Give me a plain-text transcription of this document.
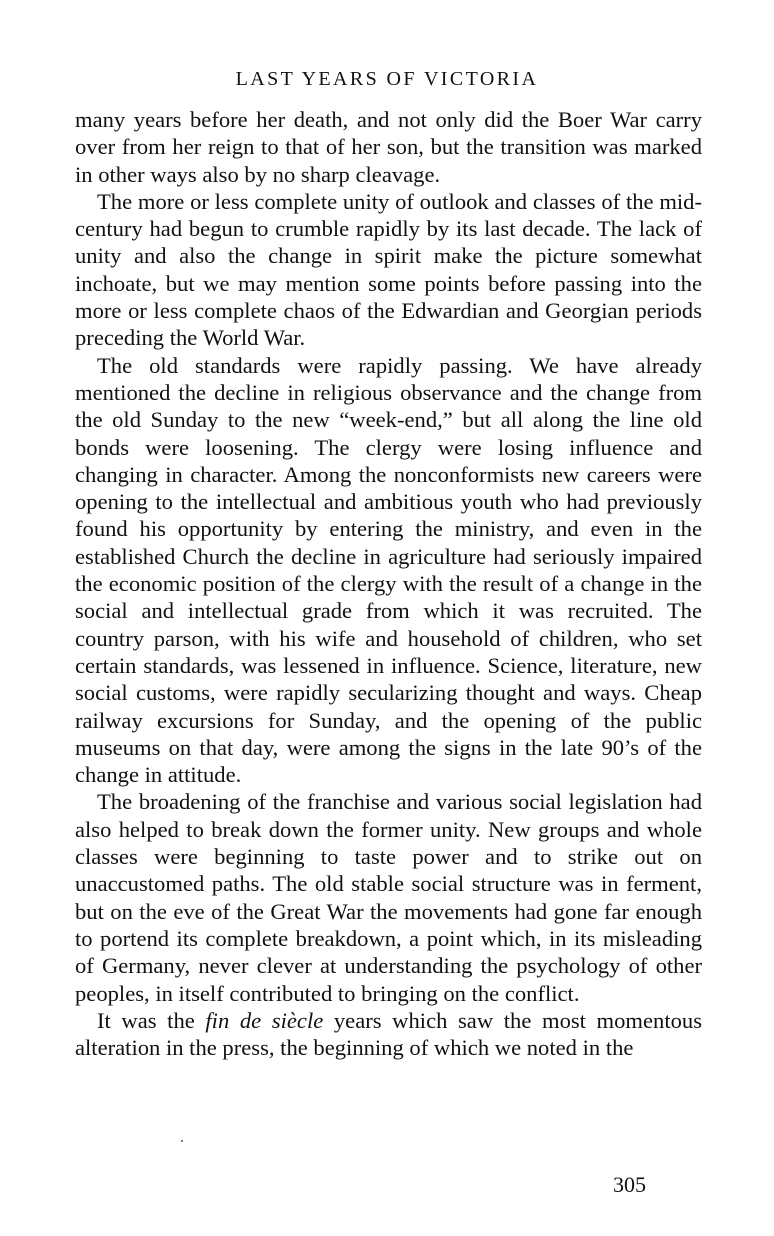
LAST YEARS OF VICTORIA

many years before her death, and not only did the Boer War carry over from her reign to that of her son, but the transition was marked in other ways also by no sharp cleavage.

The more or less complete unity of outlook and classes of the mid-century had begun to crumble rapidly by its last decade. The lack of unity and also the change in spirit make the picture somewhat inchoate, but we may mention some points before passing into the more or less complete chaos of the Edwardian and Georgian periods preceding the World War.

The old standards were rapidly passing. We have already mentioned the decline in religious observance and the change from the old Sunday to the new “week-end,” but all along the line old bonds were loosening. The clergy were losing influence and changing in character. Among the nonconformists new careers were opening to the intellectual and ambitious youth who had previously found his opportunity by entering the ministry, and even in the established Church the decline in agriculture had seriously impaired the economic position of the clergy with the result of a change in the social and intellectual grade from which it was recruited. The country parson, with his wife and household of children, who set certain standards, was lessened in influence. Science, literature, new social customs, were rapidly secularizing thought and ways. Cheap railway excursions for Sunday, and the opening of the public museums on that day, were among the signs in the late 90’s of the change in attitude.

The broadening of the franchise and various social legislation had also helped to break down the former unity. New groups and whole classes were beginning to taste power and to strike out on unaccustomed paths. The old stable social structure was in ferment, but on the eve of the Great War the movements had gone far enough to portend its complete breakdown, a point which, in its misleading of Germany, never clever at understanding the psychology of other peoples, in itself contributed to bringing on the conflict.

It was the fin de siècle years which saw the most momentous alteration in the press, the beginning of which we noted in the

305
